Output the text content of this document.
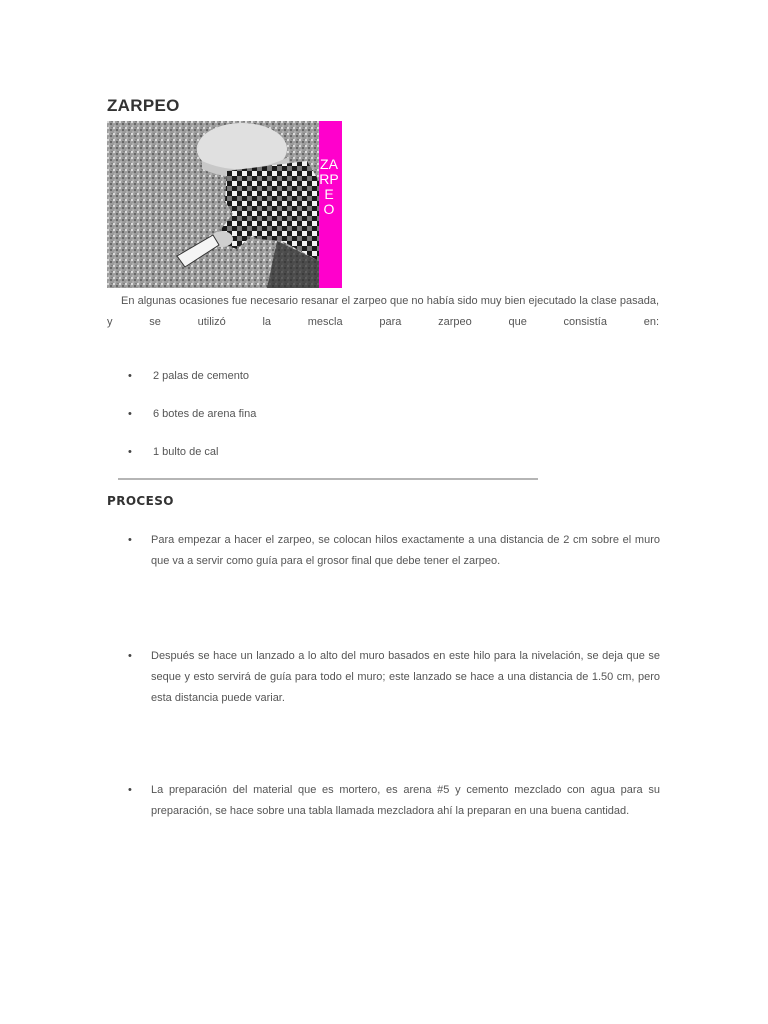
ZARPEO
ZARPEO

En algunas ocasiones fue necesario resanar el zarpeo que no había sido muy bien ejecutado la clase pasada, y se utilizó la mescla para zarpeo que consistía en:

• 2 palas de cemento
• 6 botes de arena fina
• 1 bulto de cal
PROCESO
• Para empezar a hacer el zarpeo, se colocan hilos exactamente a una distancia de 2 cm sobre el muro que va a servir como guía para el grosor final que debe tener el zarpeo.
• Después se hace un lanzado a lo alto del muro basados en este hilo para la nivelación, se deja que se seque y esto servirá de guía para todo el muro; este lanzado se hace a una distancia de 1.50 cm, pero esta distancia puede variar.
• La preparación del material que es mortero, es arena #5 y cemento mezclado con agua para su preparación, se hace sobre una tabla llamada mezcladora ahí la preparan en una buena cantidad.
